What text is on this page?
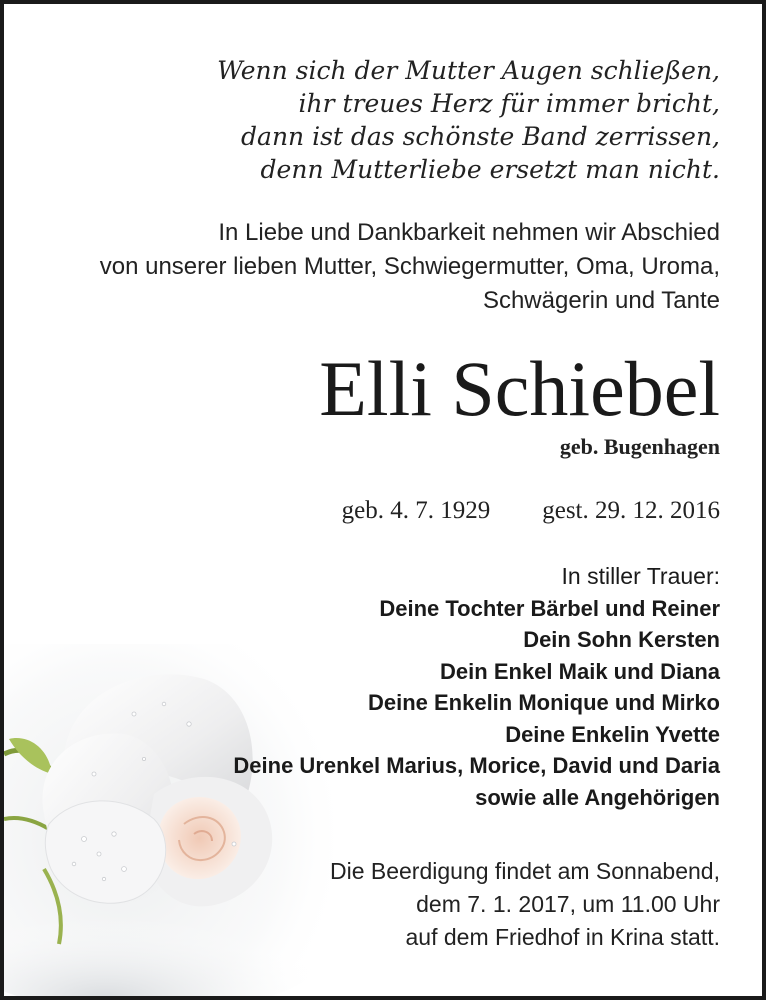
Wenn sich der Mutter Augen schließen,
ihr treues Herz für immer bricht,
dann ist das schönste Band zerrissen,
denn Mutterliebe ersetzt man nicht.
In Liebe und Dankbarkeit nehmen wir Abschied
von unserer lieben Mutter, Schwiegermutter, Oma, Uroma,
Schwägerin und Tante
Elli Schiebel
geb. Bugenhagen
geb. 4. 7. 1929 gest. 29. 12. 2016
In stiller Trauer:
Deine Tochter Bärbel und Reiner
Dein Sohn Kersten
Dein Enkel Maik und Diana
Deine Enkelin Monique und Mirko
Deine Enkelin Yvette
Deine Urenkel Marius, Morice, David und Daria
sowie alle Angehörigen
Die Beerdigung findet am Sonnabend,
dem 7. 1. 2017, um 11.00 Uhr
auf dem Friedhof in Krina statt.
